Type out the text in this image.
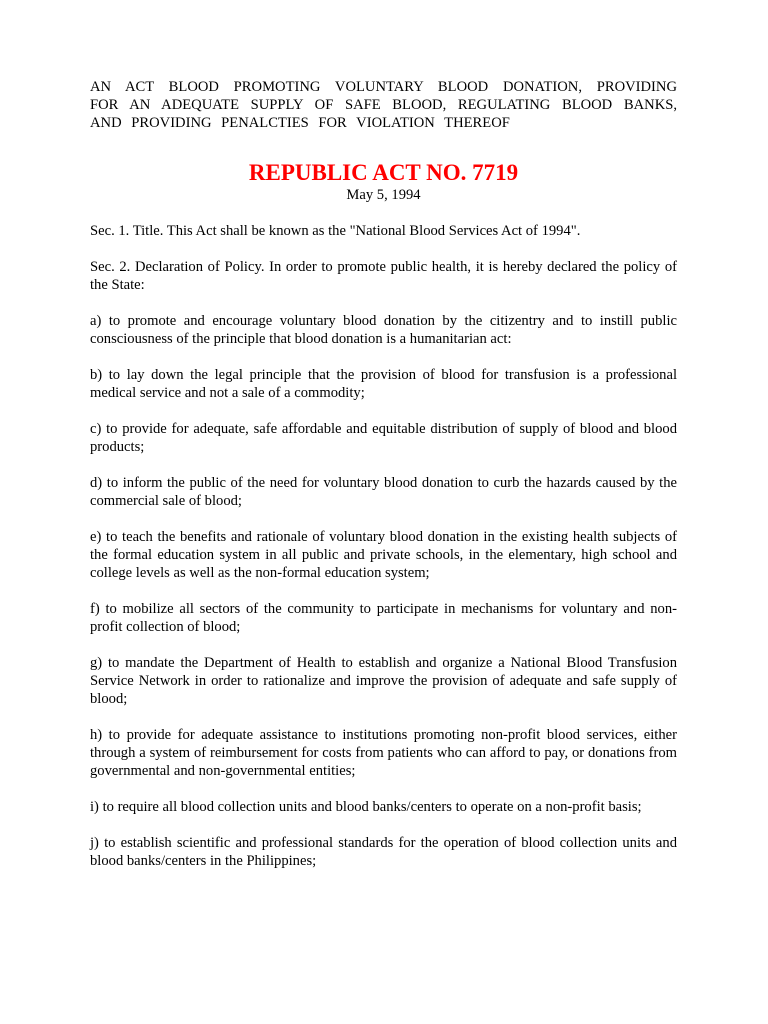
AN ACT BLOOD PROMOTING VOLUNTARY BLOOD DONATION, PROVIDING FOR AN ADEQUATE SUPPLY OF SAFE BLOOD, REGULATING BLOOD BANKS, AND PROVIDING PENALCTIES FOR VIOLATION THEREOF

REPUBLIC ACT NO. 7719

May 5, 1994

Sec. 1. Title. This Act shall be known as the "National Blood Services Act of 1994".

Sec. 2. Declaration of Policy. In order to promote public health, it is hereby declared the policy of the State:

a) to promote and encourage voluntary blood donation by the citizentry and to instill public consciousness of the principle that blood donation is a humanitarian act:

b) to lay down the legal principle that the provision of blood for transfusion is a professional medical service and not a sale of a commodity;

c) to provide for adequate, safe affordable and equitable distribution of supply of blood and blood products;

d) to inform the public of the need for voluntary blood donation to curb the hazards caused by the commercial sale of blood;

e) to teach the benefits and rationale of voluntary blood donation in the existing health subjects of the formal education system in all public and private schools, in the elementary, high school and college levels as well as the non-formal education system;

f) to mobilize all sectors of the community to participate in mechanisms for voluntary and non-profit collection of blood;

g) to mandate the Department of Health to establish and organize a National Blood Transfusion Service Network in order to rationalize and improve the provision of adequate and safe supply of blood;

h) to provide for adequate assistance to institutions promoting non-profit blood services, either through a system of reimbursement for costs from patients who can afford to pay, or donations from governmental and non-governmental entities;

i) to require all blood collection units and blood banks/centers to operate on a non-profit basis;

j) to establish scientific and professional standards for the operation of blood collection units and blood banks/centers in the Philippines;
